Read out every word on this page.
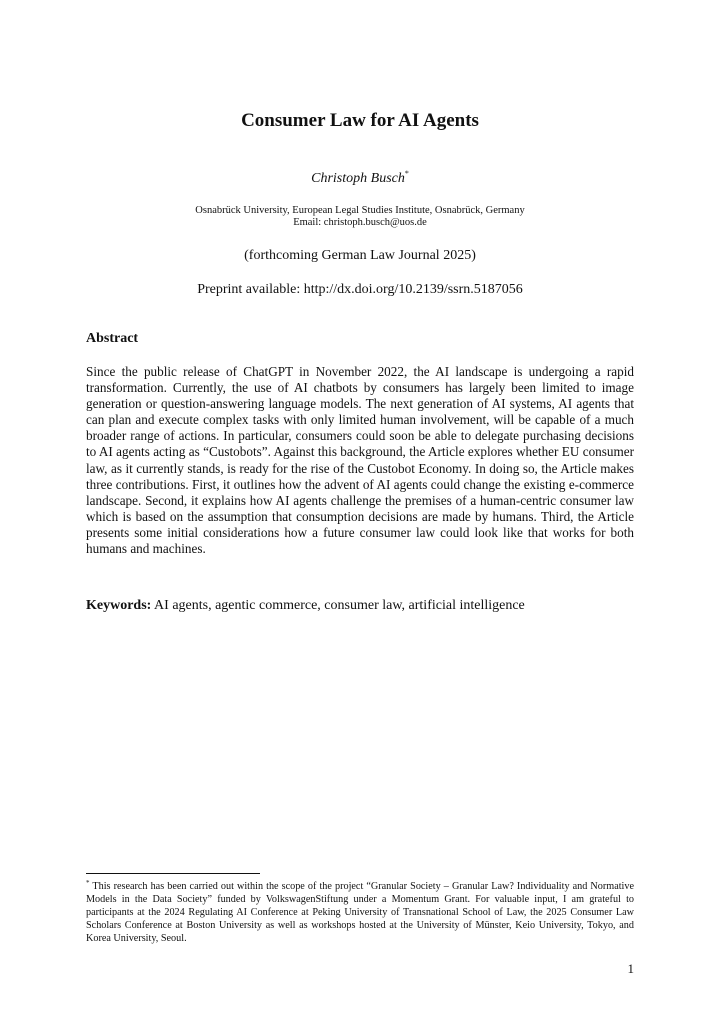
Consumer Law for AI Agents
Christoph Busch*
Osnabrück University, European Legal Studies Institute, Osnabrück, Germany
Email: christoph.busch@uos.de
(forthcoming German Law Journal 2025)
Preprint available: http://dx.doi.org/10.2139/ssrn.5187056
Abstract
Since the public release of ChatGPT in November 2022, the AI landscape is undergoing a rapid transformation. Currently, the use of AI chatbots by consumers has largely been limited to image generation or question-answering language models. The next generation of AI systems, AI agents that can plan and execute complex tasks with only limited human involvement, will be capable of a much broader range of actions. In particular, consumers could soon be able to delegate purchasing decisions to AI agents acting as “Custobots”. Against this background, the Article explores whether EU consumer law, as it currently stands, is ready for the rise of the Custobot Economy. In doing so, the Article makes three contributions. First, it outlines how the advent of AI agents could change the existing e-commerce landscape. Second, it explains how AI agents challenge the premises of a human-centric consumer law which is based on the assumption that consumption decisions are made by humans. Third, the Article presents some initial considerations how a future consumer law could look like that works for both humans and machines.
Keywords: AI agents, agentic commerce, consumer law, artificial intelligence
* This research has been carried out within the scope of the project “Granular Society – Granular Law? Individuality and Normative Models in the Data Society” funded by VolkswagenStiftung under a Momentum Grant. For valuable input, I am grateful to participants at the 2024 Regulating AI Conference at Peking University of Transnational School of Law, the 2025 Consumer Law Scholars Conference at Boston University as well as workshops hosted at the University of Münster, Keio University, Tokyo, and Korea University, Seoul.
1
